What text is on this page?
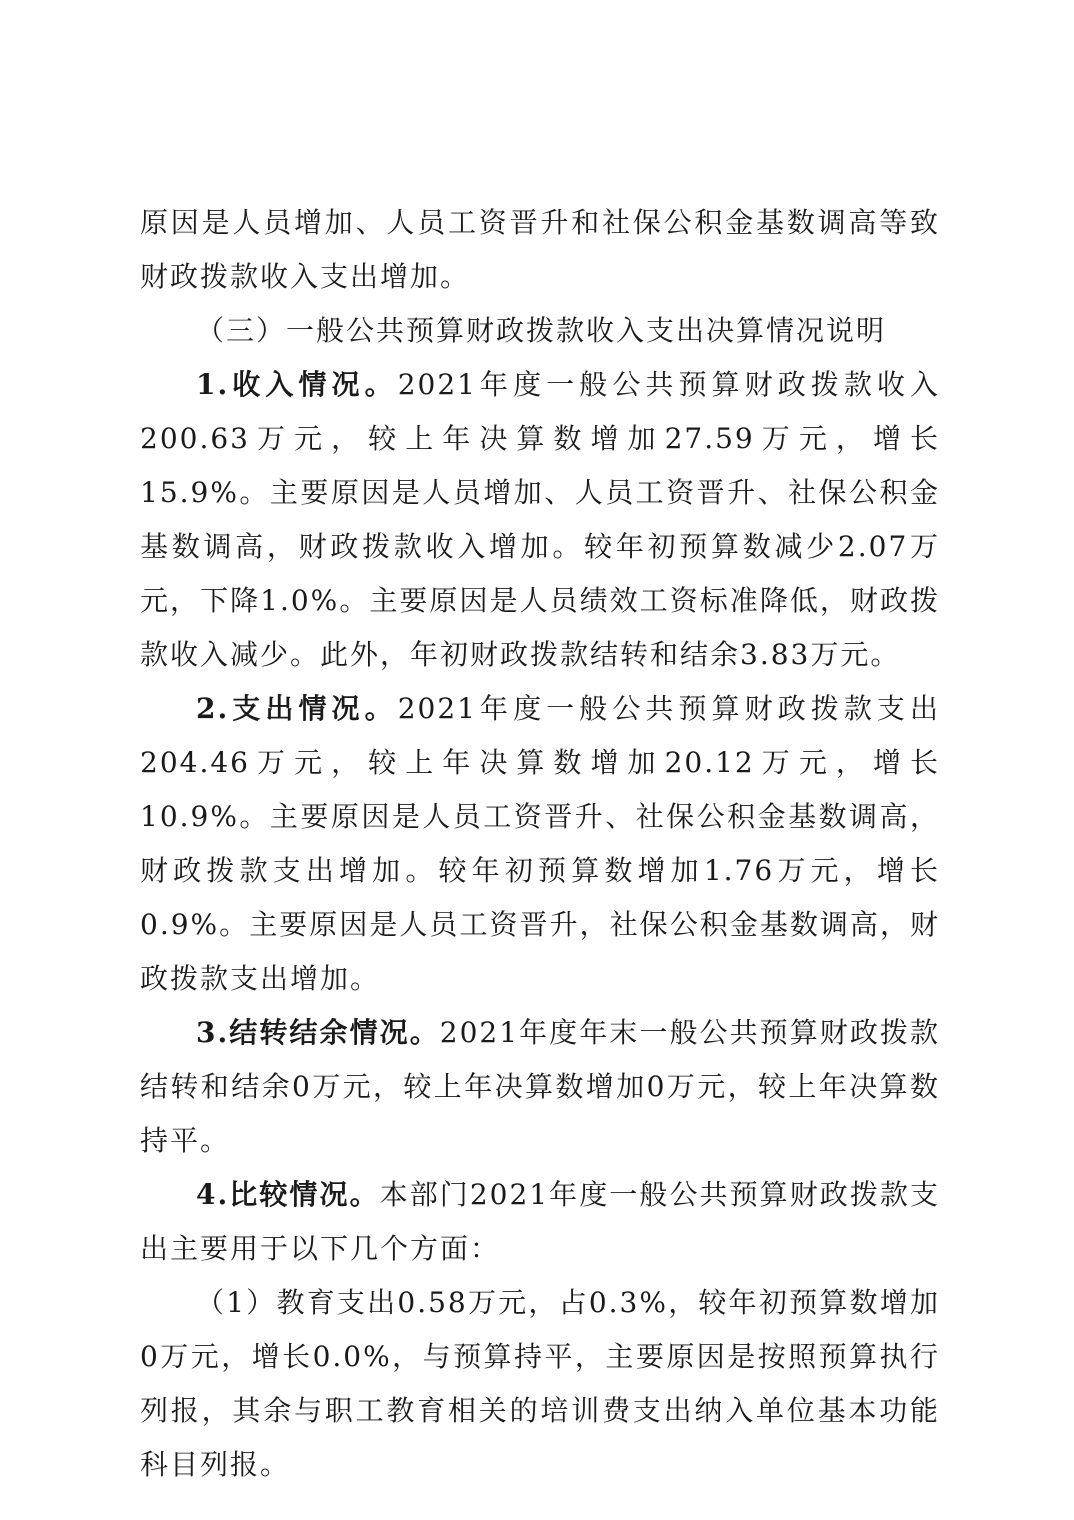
原因是人员增加、人员工资晋升和社保公积金基数调高等致财政拨款收入支出增加。

（三）一般公共预算财政拨款收入支出决算情况说明

1.收入情况。2021年度一般公共预算财政拨款收入200.63万元，较上年决算数增加27.59万元，增长15.9%。主要原因是人员增加、人员工资晋升、社保公积金基数调高，财政拨款收入增加。较年初预算数减少2.07万元，下降1.0%。主要原因是人员绩效工资标准降低，财政拨款收入减少。此外，年初财政拨款结转和结余3.83万元。

2.支出情况。2021年度一般公共预算财政拨款支出204.46万元，较上年决算数增加20.12万元，增长10.9%。主要原因是人员工资晋升、社保公积金基数调高，财政拨款支出增加。较年初预算数增加1.76万元，增长0.9%。主要原因是人员工资晋升，社保公积金基数调高，财政拨款支出增加。

3.结转结余情况。2021年度年末一般公共预算财政拨款结转和结余0万元，较上年决算数增加0万元，较上年决算数持平。

4.比较情况。本部门2021年度一般公共预算财政拨款支出主要用于以下几个方面：

（1）教育支出0.58万元，占0.3%，较年初预算数增加0万元，增长0.0%，与预算持平，主要原因是按照预算执行列报，其余与职工教育相关的培训费支出纳入单位基本功能科目列报。
